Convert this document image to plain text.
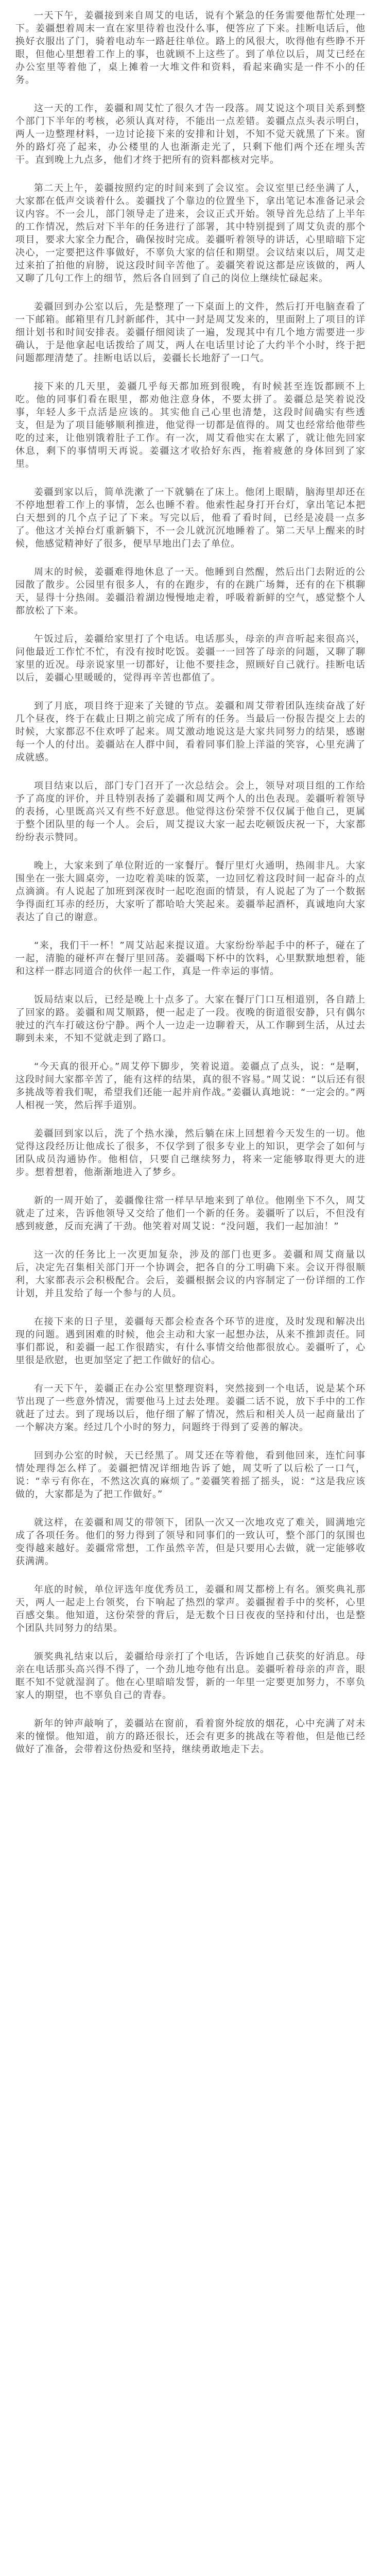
一天下午，姜疆接到来自周艾的电话，说有个紧急的任务需要他帮忙处理一下。姜疆想着周末一直在家里待着也没什么事，便答应了下来。挂断电话后，他换好衣服出了门，骑着电动车一路赶往单位。路上的风很大，吹得他有些睁不开眼，但他心里想着工作上的事，也就顾不上这些了。到了单位以后，周艾已经在办公室里等着他了，桌上摊着一大堆文件和资料，看起来确实是一件不小的任务。

这一天的工作，姜疆和周艾忙了很久才告一段落。周艾说这个项目关系到整个部门下半年的考核，必须认真对待，不能出一点差错。姜疆点点头表示明白，两人一边整理材料，一边讨论接下来的安排和计划，不知不觉天就黑了下来。窗外的路灯亮了起来，办公楼里的人也渐渐走光了，只剩下他们两个还在埋头苦干。直到晚上九点多，他们才终于把所有的资料都核对完毕。

第二天上午，姜疆按照约定的时间来到了会议室。会议室里已经坐满了人，大家都在低声交谈着什么。姜疆找了个靠边的位置坐下，拿出笔记本准备记录会议内容。不一会儿，部门领导走了进来，会议正式开始。领导首先总结了上半年的工作情况，然后对下半年的任务进行了部署，其中特别提到了周艾负责的那个项目，要求大家全力配合，确保按时完成。姜疆听着领导的讲话，心里暗暗下定决心，一定要把这件事做好，不辜负大家的信任和期望。会议结束以后，周艾走过来拍了拍他的肩膀，说这段时间辛苦他了。姜疆笑着说这都是应该做的，两人又聊了几句工作上的细节，然后各自回到了自己的岗位上继续忙碌起来。

姜疆回到办公室以后，先是整理了一下桌面上的文件，然后打开电脑查看了一下邮箱。邮箱里有几封新邮件，其中一封是周艾发来的，里面附上了项目的详细计划书和时间安排表。姜疆仔细阅读了一遍，发现其中有几个地方需要进一步确认，于是他拿起电话拨给了周艾，两人在电话里讨论了大约半个小时，终于把问题都理清楚了。挂断电话以后，姜疆长长地舒了一口气。

接下来的几天里，姜疆几乎每天都加班到很晚，有时候甚至连饭都顾不上吃。他的同事们看在眼里，都劝他注意身体，不要太拼了。姜疆总是笑着说没事，年轻人多干点活是应该的。其实他自己心里也清楚，这段时间确实有些透支，但是为了项目能够顺利推进，他觉得一切都是值得的。周艾也经常给他带些吃的过来，让他别饿着肚子工作。有一次，周艾看他实在太累了，就让他先回家休息，剩下的事情明天再说。姜疆这才收拾好东西，拖着疲惫的身体回到了家里。

姜疆到家以后，简单洗漱了一下就躺在了床上。他闭上眼睛，脑海里却还在不停地想着工作上的事情，怎么也睡不着。他索性起身打开台灯，拿出笔记本把白天想到的几个点子记了下来。写完以后，他看了看时间，已经是凌晨一点多了。他这才关掉台灯重新躺下，不一会儿就沉沉地睡着了。第二天早上醒来的时候，他感觉精神好了很多，便早早地出门去了单位。

周末的时候，姜疆难得地休息了一天。他睡到自然醒，然后出门去附近的公园散了散步。公园里有很多人，有的在跑步，有的在跳广场舞，还有的在下棋聊天，显得十分热闹。姜疆沿着湖边慢慢地走着，呼吸着新鲜的空气，感觉整个人都放松了下来。

午饭过后，姜疆给家里打了个电话。电话那头，母亲的声音听起来很高兴，问他最近工作忙不忙，有没有按时吃饭。姜疆一一回答了母亲的问题，又聊了聊家里的近况。母亲说家里一切都好，让他不要挂念，照顾好自己就行。挂断电话以后，姜疆心里暖暖的，觉得再辛苦也都值了。

到了月底，项目终于迎来了关键的节点。姜疆和周艾带着团队连续奋战了好几个昼夜，终于在截止日期之前完成了所有的任务。当最后一份报告提交上去的时候，大家都忍不住欢呼了起来。周艾激动地说这是大家共同努力的结果，感谢每一个人的付出。姜疆站在人群中间，看着同事们脸上洋溢的笑容，心里充满了成就感。

项目结束以后，部门专门召开了一次总结会。会上，领导对项目组的工作给予了高度的评价，并且特别表扬了姜疆和周艾两个人的出色表现。姜疆听着领导的表扬，心里既高兴又有些不好意思。他觉得这份荣誉不仅仅属于他自己，更属于整个团队里的每一个人。会后，周艾提议大家一起去吃顿饭庆祝一下，大家都纷纷表示赞同。

晚上，大家来到了单位附近的一家餐厅。餐厅里灯火通明，热闹非凡。大家围坐在一张大圆桌旁，一边吃着美味的饭菜，一边回忆着这段时间一起奋斗的点点滴滴。有人说起了加班到深夜时一起吃泡面的情景，有人说起了为了一个数据争得面红耳赤的经历，大家听了都哈哈大笑起来。姜疆举起酒杯，真诚地向大家表达了自己的谢意。

“来，我们干一杯！”周艾站起来提议道。大家纷纷举起手中的杯子，碰在了一起，清脆的碰杯声在餐厅里回荡。姜疆喝下杯中的饮料，心里默默地想着，能和这样一群志同道合的伙伴一起工作，真是一件幸运的事情。

饭局结束以后，已经是晚上十点多了。大家在餐厅门口互相道别，各自踏上了回家的路。姜疆和周艾顺路，便一起走了一段。夜晚的街道很安静，只有偶尔驶过的汽车打破这份宁静。两个人一边走一边聊着天，从工作聊到生活，从过去聊到未来，不知不觉就走到了路口。

“今天真的很开心。”周艾停下脚步，笑着说道。姜疆点了点头，说：“是啊，这段时间大家都辛苦了，能有这样的结果，真的很不容易。”周艾说：“以后还有很多挑战等着我们呢，希望我们还能一起并肩作战。”姜疆认真地说：“一定会的。”两人相视一笑，然后挥手道别。

姜疆回到家以后，洗了个热水澡，然后躺在床上回想着今天发生的一切。他觉得这段经历让他成长了很多，不仅学到了很多专业上的知识，更学会了如何与团队成员沟通协作。他相信，只要自己继续努力，将来一定能够取得更大的进步。想着想着，他渐渐地进入了梦乡。

新的一周开始了，姜疆像往常一样早早地来到了单位。他刚坐下不久，周艾就走了过来，告诉他领导又交给了他们一个新的任务。姜疆听了以后，不但没有感到疲惫，反而充满了干劲。他笑着对周艾说：“没问题，我们一起加油！”

这一次的任务比上一次更加复杂，涉及的部门也更多。姜疆和周艾商量以后，决定先召集相关部门开一个协调会，把各自的分工明确下来。会议开得很顺利，大家都表示会积极配合。会后，姜疆根据会议的内容制定了一份详细的工作计划，并且发给了每一个参与的人员。

在接下来的日子里，姜疆每天都会检查各个环节的进度，及时发现和解决出现的问题。遇到困难的时候，他会主动和大家一起想办法，从来不推卸责任。同事们都说，和姜疆一起工作很踏实，有什么事情交给他都很放心。姜疆听了，心里很是欣慰，也更加坚定了把工作做好的信心。

有一天下午，姜疆正在办公室里整理资料，突然接到一个电话，说是某个环节出现了一些意外情况，需要他马上过去处理。姜疆二话不说，放下手中的工作就赶了过去。到了现场以后，他仔细了解了情况，然后和相关人员一起商量出了一个解决方案。经过几个小时的努力，问题终于得到了妥善的解决。

回到办公室的时候，天已经黑了。周艾还在等着他，看到他回来，连忙问事情处理得怎么样了。姜疆把情况详细地告诉了她，周艾听了以后松了一口气，说：“幸亏有你在，不然这次真的麻烦了。”姜疆笑着摇了摇头，说：“这是我应该做的，大家都是为了把工作做好。”

就这样，在姜疆和周艾的带领下，团队一次又一次地攻克了难关，圆满地完成了各项任务。他们的努力得到了领导和同事们的一致认可，整个部门的氛围也变得越来越好。姜疆常常想，工作虽然辛苦，但是只要用心去做，就一定能够收获满满。

年底的时候，单位评选年度优秀员工，姜疆和周艾都榜上有名。颁奖典礼那天，两人一起走上台领奖，台下响起了热烈的掌声。姜疆握着手中的奖杯，心里百感交集。他知道，这份荣誉的背后，是无数个日日夜夜的坚持和付出，也是整个团队共同努力的结果。

颁奖典礼结束以后，姜疆给母亲打了个电话，告诉她自己获奖的好消息。母亲在电话那头高兴得不得了，一个劲儿地夸他有出息。姜疆听着母亲的声音，眼眶不知不觉就湿润了。他在心里暗暗发誓，新的一年里一定要更加努力，不辜负家人的期望，也不辜负自己的青春。

新年的钟声敲响了，姜疆站在窗前，看着窗外绽放的烟花，心中充满了对未来的憧憬。他知道，前方的路还很长，还会有更多的挑战在等着他，但是他已经做好了准备，会带着这份热爱和坚持，继续勇敢地走下去。
